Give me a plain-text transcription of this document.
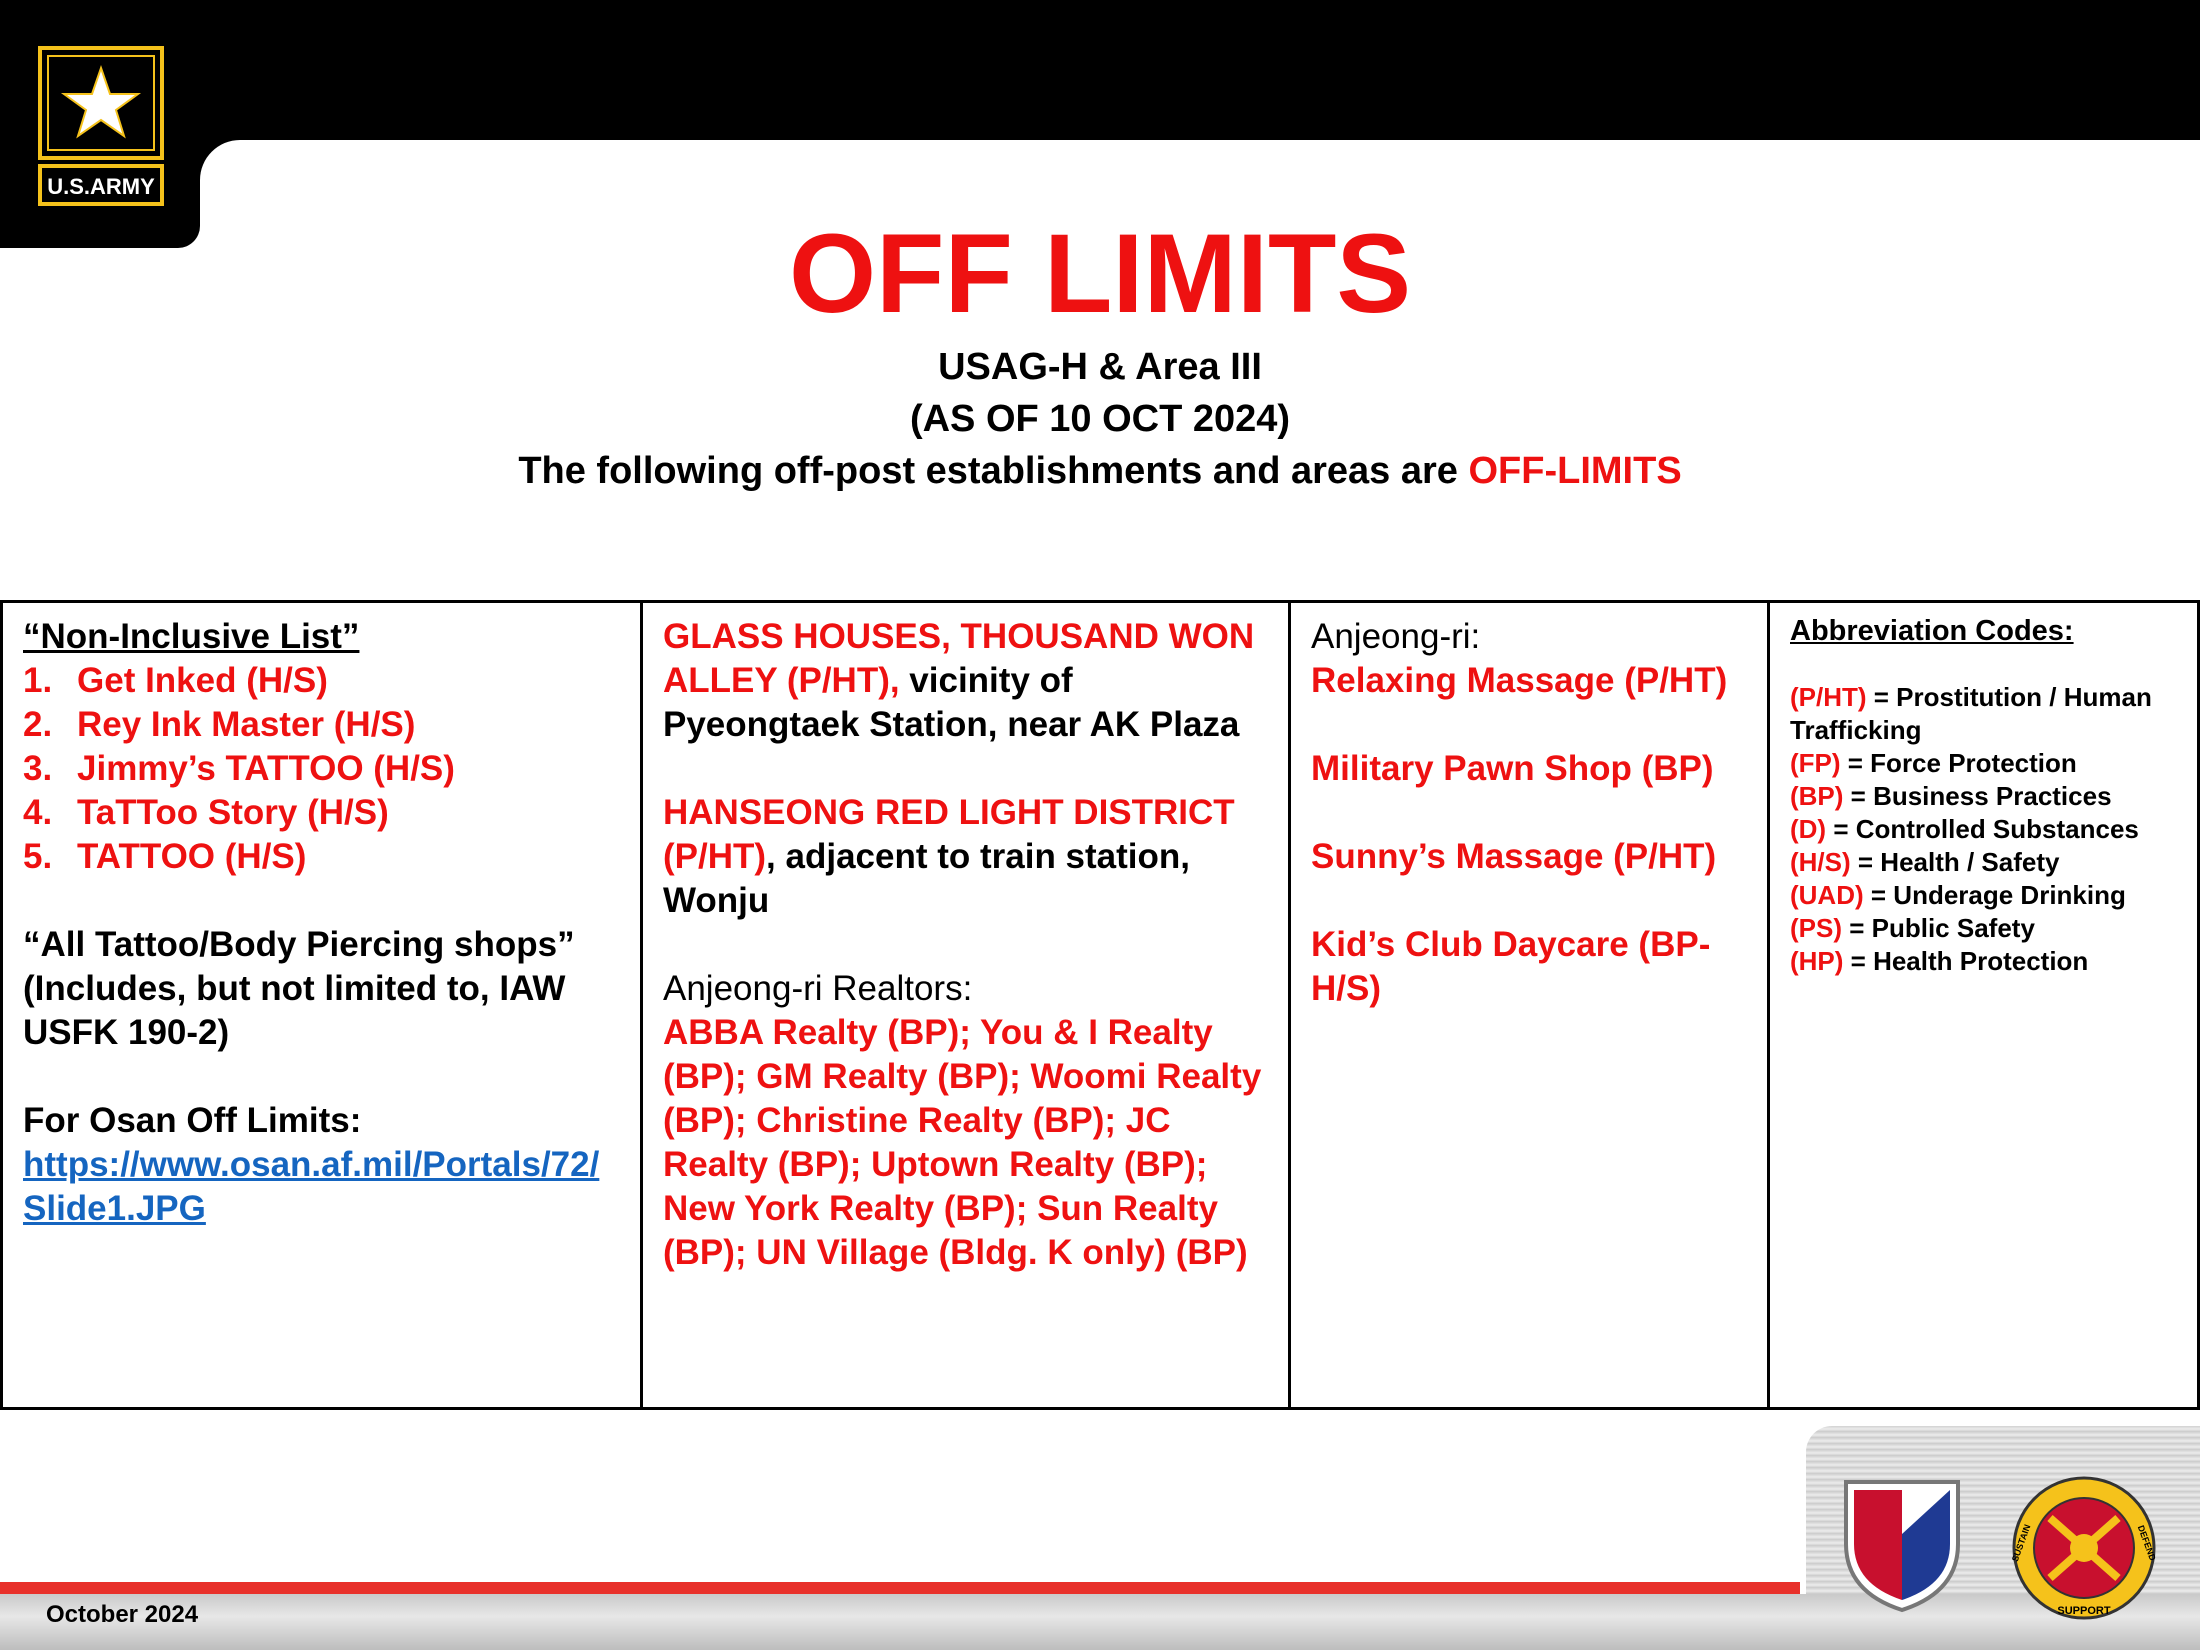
U.S.ARMY
OFF LIMITS
USAG-H & Area III
(AS OF 10 OCT 2024)
The following off-post establishments and areas are OFF-LIMITS

“Non-Inclusive List”

1. Get Inked (H/S)
2. Rey Ink Master (H/S)
3. Jimmy’s TATTOO (H/S)
4. TaTToo Story (H/S)
5. TATTOO (H/S)

“All Tattoo/Body Piercing shops” (Includes, but not limited to, IAW USFK 190-2)

For Osan Off Limits:

https://www.osan.af.mil/Portals/72/Slide1.JPG

GLASS HOUSES, THOUSAND WON ALLEY (P/HT), vicinity of Pyeongtaek Station, near AK Plaza

HANSEONG RED LIGHT DISTRICT (P/HT), adjacent to train station, Wonju

Anjeong-ri Realtors:

ABBA Realty (BP); You & I Realty (BP); GM Realty (BP); Woomi Realty (BP); Christine Realty (BP); JC Realty (BP); Uptown Realty (BP); New York Realty (BP); Sun Realty (BP); UN Village (Bldg. K only) (BP)

Anjeong-ri:

Relaxing Massage (P/HT)

Military Pawn Shop (BP)

Sunny’s Massage (P/HT)

Kid’s Club Daycare (BP-H/S)

Abbreviation Codes:

(P/HT) = Prostitution / Human Trafficking

(FP) = Force Protection

(BP) = Business Practices

(D) = Controlled Substances

(H/S) = Health / Safety

(UAD) = Underage Drinking

(PS) = Public Safety

(HP) = Health Protection

October 2024	SUPPORT
SUSTAIN	DEFEND
